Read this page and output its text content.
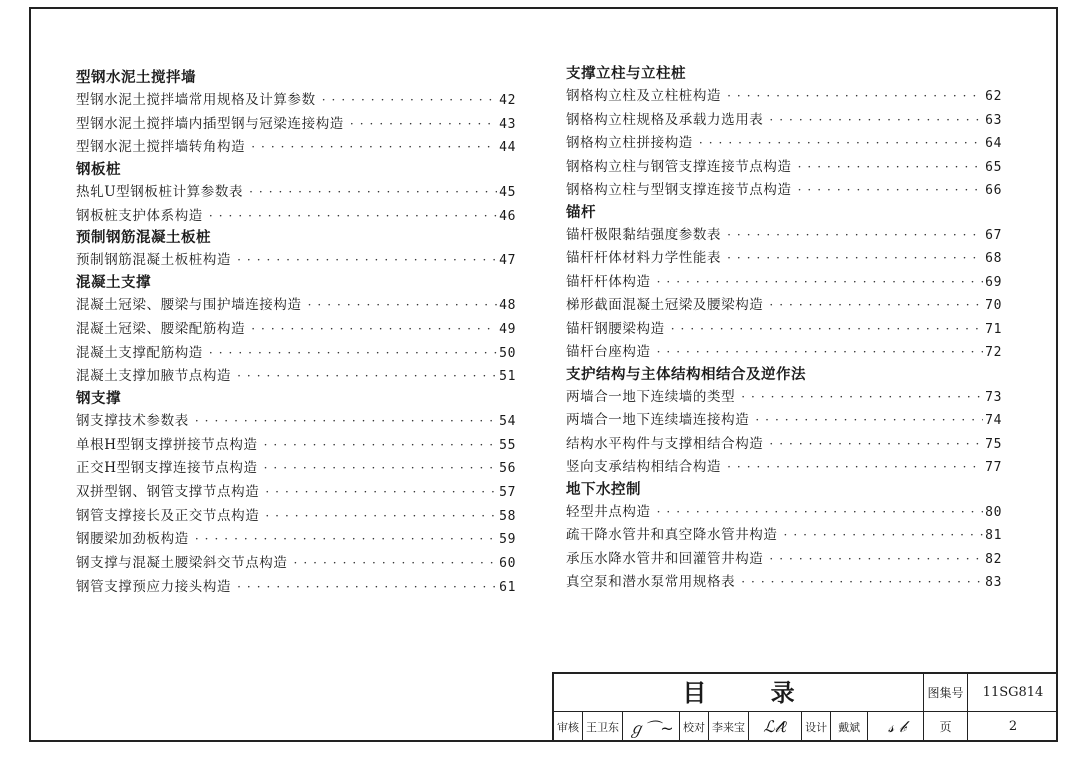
型钢水泥土搅拌墙
型钢水泥土搅拌墙常用规格及计算参数 ·····	42
型钢水泥土搅拌墙内插型钢与冠梁连接构造 ·····	43
型钢水泥土搅拌墙转角构造 ·····	44
钢板桩
热轧U型钢板桩计算参数表 ·····	45
钢板桩支护体系构造 ·····	46
预制钢筋混凝土板桩
预制钢筋混凝土板桩构造 ·····	47
混凝土支撑
混凝土冠梁、腰梁与围护墙连接构造 ·····	48
混凝土冠梁、腰梁配筋构造 ·····	49
混凝土支撑配筋构造 ·····	50
混凝土支撑加腋节点构造 ·····	51
钢支撑
钢支撑技术参数表 ·····	54
单根H型钢支撑拼接节点构造 ·····	55
正交H型钢支撑连接节点构造 ·····	56
双拼型钢、钢管支撑节点构造 ·····	57
钢管支撑接长及正交节点构造 ·····	58
钢腰梁加劲板构造 ·····	59
钢支撑与混凝土腰梁斜交节点构造 ·····	60
钢管支撑预应力接头构造 ·····	61
支撑立柱与立柱桩
钢格构立柱及立柱桩构造 ·····	62
钢格构立柱规格及承载力选用表 ·····	63
钢格构立柱拼接构造 ·····	64
钢格构立柱与钢管支撑连接节点构造 ·····	65
钢格构立柱与型钢支撑连接节点构造 ·····	66
锚杆
锚杆极限黏结强度参数表 ·····	67
锚杆杆体材料力学性能表 ·····	68
锚杆杆体构造 ·····	69
梯形截面混凝土冠梁及腰梁构造 ·····	70
锚杆钢腰梁构造 ·····	71
锚杆台座构造 ·····	72
支护结构与主体结构相结合及逆作法
两墙合一地下连续墙的类型 ·····	73
两墙合一地下连续墙连接构造 ·····	74
结构水平构件与支撑相结合构造 ·····	75
竖向支承结构相结合构造 ·····	77
地下水控制
轻型井点构造 ·····	80
疏干降水管井和真空降水管井构造 ·····	81
承压水降水管井和回灌管井构造 ·····	82
真空泵和潜水泵常用规格表 ·····	83
目 录	图集号	11SG814
审核 王卫东 ℊ⌒~ 校对 李来宝	ℒ𝓁ℓ	设计 戴斌	𝓈 𝒷	页	2
